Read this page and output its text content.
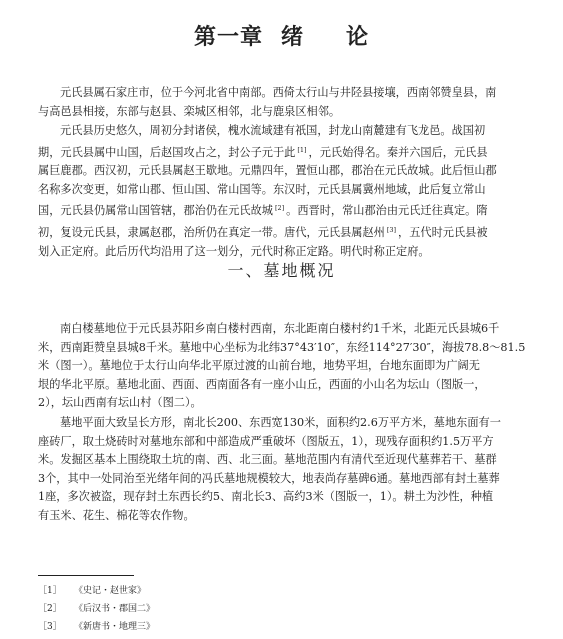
第一章 绪 论
元氏县属石家庄市，位于今河北省中南部。西倚太行山与井陉县接壤，西南邻赞皇县，南
与高邑县相接，东部与赵县、栾城区相邻，北与鹿泉区相邻。
元氏县历史悠久，周初分封诸侯，槐水流域建有祇国，封龙山南麓建有飞龙邑。战国初
期，元氏县属中山国，后赵国攻占之，封公子元于此 [1] ，元氏始得名。秦并六国后，元氏县
属巨鹿郡。西汉初，元氏县属赵王歇地。元鼎四年，置恒山郡，郡治在元氏故城。此后恒山郡
名称多次变更，如常山郡、恒山国、常山国等。东汉时，元氏县属冀州地域，此后复立常山
国，元氏县仍属常山国管辖，郡治仍在元氏故城 [2] 。西晋时，常山郡治由元氏迁往真定。隋
初，复设元氏县，隶属赵郡，治所仍在真定一带。唐代，元氏县属赵州 [3] ，五代时元氏县被
划入正定府。此后历代均沿用了这一划分，元代时称正定路。明代时称正定府。
一、墓地概况
南白楼墓地位于元氏县苏阳乡南白楼村西南，东北距南白楼村约1千米，北距元氏县城6千
米，西南距赞皇县城8千米。墓地中心坐标为北纬37°43′10″，东经114°27′30″，海拔78.8～81.5
米（图一）。墓地位于太行山向华北平原过渡的山前台地，地势平坦，台地东面即为广阔无
垠的华北平原。墓地北面、西面、西南面各有一座小山丘，西面的小山名为坛山（图版一，
2），坛山西南有坛山村（图二）。
墓地平面大致呈长方形，南北长200、东西宽130米，面积约2.6万平方米，墓地东面有一
座砖厂，取土烧砖时对墓地东部和中部造成严重破坏（图版五，1），现残存面积约1.5万平方
米。发掘区基本上围绕取土坑的南、西、北三面。墓地范围内有清代至近现代墓葬若干、墓群
3个，其中一处同治至光绪年间的冯氏墓地规模较大，地表尚存墓碑6通。墓地西部有封土墓葬
1座，多次被盗，现存封土东西长约5、南北长3、高约3米（图版一，1）。耕土为沙性，种植
有玉米、花生、棉花等农作物。
［1］ 《史记・赵世家》
［2］ 《后汉书・郡国二》
［3］ 《新唐书・地理三》
